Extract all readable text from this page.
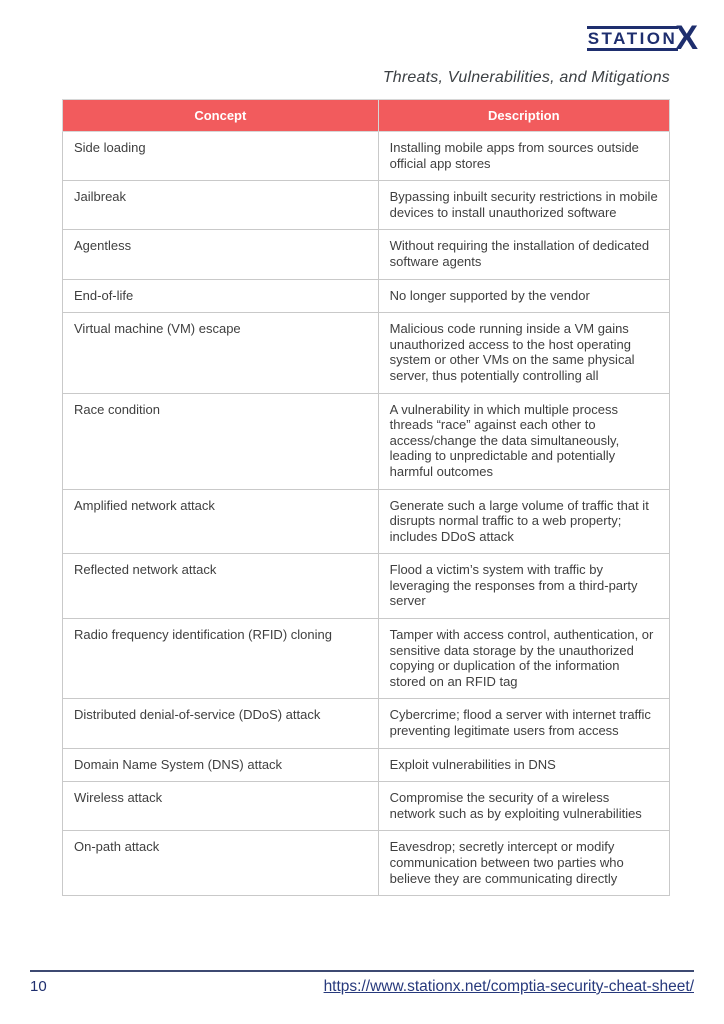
STATION
X
Threats, Vulnerabilities, and Mitigations
Concept	Description
Side loading	Installing mobile apps from sources outside official app stores
Jailbreak	Bypassing inbuilt security restrictions in mobile devices to install unauthorized software
Agentless	Without requiring the installation of dedicated software agents
End-of-life	No longer supported by the vendor
Virtual machine (VM) escape	Malicious code running inside a VM gains unauthorized access to the host operating system or other VMs on the same physical server, thus potentially controlling all
Race condition	A vulnerability in which multiple process threads “race” against each other to access/change the data simultaneously, leading to unpredictable and potentially harmful outcomes
Amplified network attack	Generate such a large volume of traffic that it disrupts normal traffic to a web property; includes DDoS attack
Reflected network attack	Flood a victim’s system with traffic by leveraging the responses from a third-party server
Radio frequency identification (RFID) cloning	Tamper with access control, authentication, or sensitive data storage by the unauthorized copying or duplication of the information stored on an RFID tag
Distributed denial-of-service (DDoS) attack	Cybercrime; flood a server with internet traffic preventing legitimate users from access
Domain Name System (DNS) attack	Exploit vulnerabilities in DNS
Wireless attack	Compromise the security of a wireless network such as by exploiting vulnerabilities
On-path attack	Eavesdrop; secretly intercept or modify communication between two parties who believe they are communicating directly
10	https://www.stationx.net/comptia-security-cheat-sheet/
